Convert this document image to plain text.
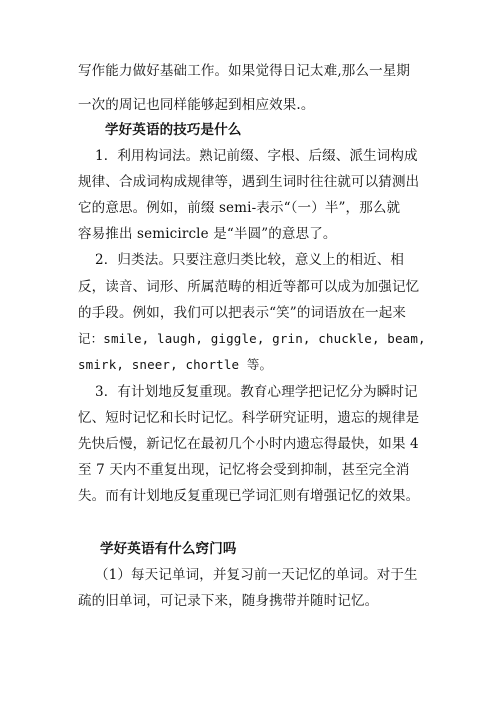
写作能力做好基础工作。如果觉得日记太难,那么一星期
一次的周记也同样能够起到相应效果.。
学好英语的技巧是什么
1．利用构词法。熟记前缀、字根、后缀、派生词构成
规律、合成词构成规律等，遇到生词时往往就可以猜测出
它的意思。例如，前缀 semi-表示“（一）半”，那么就
容易推出 semicircle 是“半圆”的意思了。
2．归类法。只要注意归类比较，意义上的相近、相
反，读音、词形、所属范畴的相近等都可以成为加强记忆
的手段。例如，我们可以把表示“笑”的词语放在一起来
记：smile, laugh, giggle, grin, chuckle, beam,
smirk, sneer, chortle 等。
3．有计划地反复重现。教育心理学把记忆分为瞬时记
忆、短时记忆和长时记忆。科学研究证明，遗忘的规律是
先快后慢，新记忆在最初几个小时内遗忘得最快，如果 4
至 7 天内不重复出现，记忆将会受到抑制，甚至完全消
失。而有计划地反复重现已学词汇则有增强记忆的效果。
学好英语有什么窍门吗
（1）每天记单词，并复习前一天记忆的单词。对于生
疏的旧单词，可记录下来，随身携带并随时记忆。
